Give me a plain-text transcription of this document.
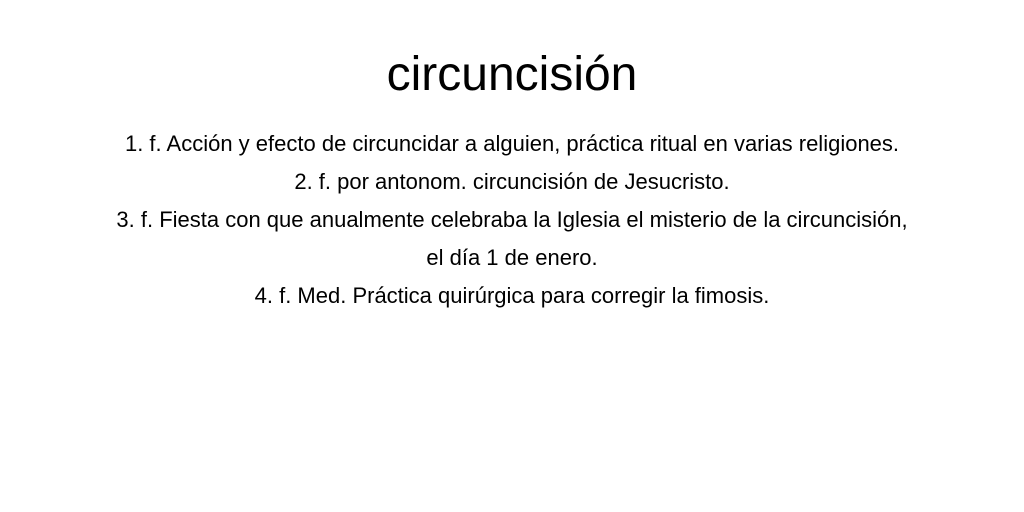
circuncisión
1. f. Acción y efecto de circuncidar a alguien, práctica ritual en varias religiones.
2. f. por antonom. circuncisión de Jesucristo.
3. f. Fiesta con que anualmente celebraba la Iglesia el misterio de la circuncisión, el día 1 de enero.
4. f. Med. Práctica quirúrgica para corregir la fimosis.
